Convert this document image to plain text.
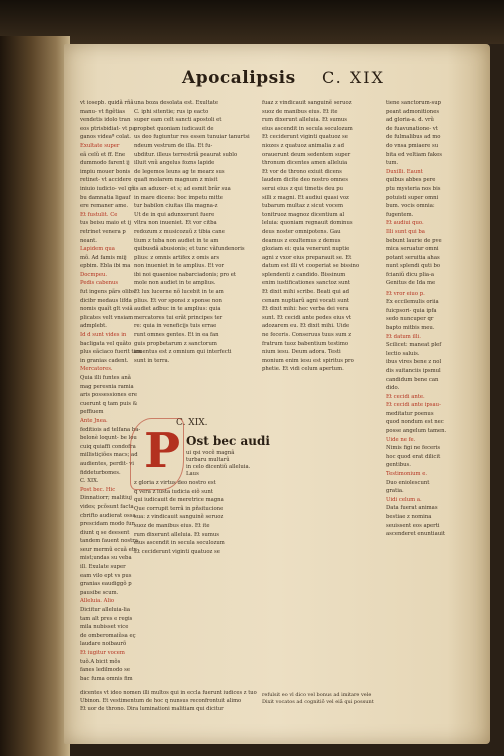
Apocalipsis C. XIX

vt iosepb. quidã rñã

manu- vt figẽtias

vendetis idolo tran

eos ptrisbidiat- vt pa

ganos videaª colat.

Exultate super

eã celũ et ff. Ene

dummodo farent ij

impiu mouer bonis

retinet- vt accidere

iniuio iudicio- vel qñ

bu damnatia ligauf

ere remaner ame.

Et fustulit. Ce

tus beisu maio et ij

retrinet venera p

neant.

Lapidem qua

mõ. Ad famis miij

epbim. Ebla ibi ma

Docmpeu.

Pedis cabenus

fut ingens pãrs olibs

dicibr medaus lifda

nomis quaĩt glt vsiã

plicates velt vnsiam

admplebt.

Id d sunt vides in

bacligata vel quãto

plus eãciaco fuerit tam

in granias cadent.

Mercatores.

Quia illi funtes anã

mag peresnia ramia

aris possessiones ere

cuerunt q tam puis &

peffiuem

Ante Jnea.

feditiois ad telfana ba-

belonè loqunt- be lou

cuiq quiaffi condofra

millistiçiões macs; ad

audientes, perdit- vi

fiddeturbomes.

C. XIX.

Post bec. Hic

Dinnatiorr; malitiuj

vides; pcõsunt facta

cbrifto audierat ossa

prescidam modo fun

diunt q se deesent

tandem fauent nostra

seur mermũ ecuã etr

mist;undas su veba

ill. Exulate super

eam vilo ept vs pus

granias eaudiggõ p

pausibe scum.

Alleluia. Alio

Diciitur alleluia-lia

tam alt pres e regis

mila nubisset vice

de omberomaiũsa eç

laudare noibaurõ

Et iugitur vocem

tuõ.A bicit mõs

fanes ledilmodo se

bac fuma omnis fim

una boza desolata est. Exultate

C. iphi sitentie; rus ip eacto

super eam celt sancti apostoli et

propbet quoniam iudicauit de

us deo fugiuntur res essen tunuiar tanurtsi

ndeum vestrum de illa. Et fu-

ubditur. illeus terrestriã peaurat sublo

illuit vnũ angelus fozns lapide

de legemos leuns ag te mearz sus

quafi molarem magnum z misit

is an aduxer- et s; ad esmit brãr sua

in mare dicens: boc impetu mitte

tur babilon ciuitas illa magna-z

Ut de in qui adunxerunt fuere

vltra non inueniet. Et vor citba

redozum z musicozuũ z tibia cane

tium z tuba non audiet in te am

quibusdã abusionis; et tunc vãfundenoris

plius: z omnis artifex z omis ars

non inueniet in te amplius. Et vor

ibi noi quaenioe nabarciadonis; pro et

mole non audiet in te amplius.

Et lux lucerne nõ lucebit in te am

plius. Et vor sponsi z sponse non

audiet adbuc in te amplius: quia

mercatores tui erãt principes ter

re: quia in veneficijs tuis errae

runt omnes gentes. Et in ea fan

guis propbetarum z sanctorum

inuentus est z omnium qui interfecti

sunt in terra.

C. XIX.
P Ost bec audi
ui qsi vocẽ magnã turbaru multarũ
in celo dicentiũ alleluia. Laus

z gloria z virtus deo nostro est

q vera z iusta iudicia eiõ sunt

qui iudicauit de meretrice magna

Que corrupit terrã in pñsitucione

sua: z vindicauit sanguinẽ seruoz

suoz de manibus eius. Et ite

rum dixerunt alleluia. Et sumus

eius ascendit in secula seculozum

Et ceciderunt viginti quatuoz se

fuaz z vindicauit sanguinẽ seruoz

suoz de manibus eius. Et ite

rum dixerunt alleluia. Et sumus

eius ascendit in secula seculozum

Et ceciderunt viginti quatuoz se

niozes z quatuoz animalia z ad

orauerunt deum sedentem super

thronum dicentes amen alleluia

Et vor de throno exiuit dicens

laudem dicite deo nostro omnes

serui eius z qui timetis deu pu

silli z magni. Et audiui quasi voz

tubarum multaz z sicut vocem

tonitruoz magnoz dicentium al

leluia: quoniam regnauit dominus

deus noster omnipotens. Gau

deamus z exultemus z demus

gloziam ei: quia venerunt nuptie

agni z vxor eius preparauit se. Et

datum est illi vt cooperiat se bissino

splendenti z candido. Bissinum

enim iustificationes sanctoz sunt

Et dixit mihi scribe. Beati qui ad

cenam nuptiarũ agni vocati sunt

Et dixit mihi: hec verba dei vera

sunt. Et cecidi ante pedes eius vt

adozarem eu. Et dixit mihi. Uide

ne feceris. Conseruus tuus sum z

fratrum tuoz babentium testimo

nium iesu. Deum adora. Testi

monium enim iesu est spiritus pro

phetie. Et vidi celum apertum.

tiene sanctorum-sup

peant admonitiones

ad gloria-a. d. vrũ

de fuavunatione- vt

de fulmalibus ad mo

do vnsa pmiaere su

bita ed veltiam fakes

tum.

Duxilli. Eaunt

quibus abbes pere

ptu mysteria nos bis

potuisti super omni

bum. vocis omnia:

fugentem.

Et audiui quo.

Illi sunt qui ba

bebunt laurie de pve

mica seruatur omni

potant seruitia ahas

nunt splendi quti bo

fcianiũ dicu plia-a

Genitus de Ida me

Et vror eiuo p.

Ex eccilemulis oriia

fuicpsori- quia ipfa

sedo nuncuper qr

bapto mitbis meu.

Et datum illi.

Scilicet: maneat plef

lectio saluis.

ibus vires bene z nol

dis suitanciis ipsmul

candidum bene can

dido.

Et cecidi ante.

Et cecidi ante ipsau-

meditatur poenus

quod nondum est nec

posse angelum tamen.

Uide ne fe.

Nimis figi ne feceris

hoc quod erat dilicit

gentibus.

Testimonium e.

Duo eniolescunt

gratia.

Uidi celum a.

Data fuerat animas

bestiae z nomina

seuissent eos aperti

ascenderet enuntiauit

dicentes vt ideo nomen illi multos qui in eccla fuerunt iudices z tuo

Ubinon. Et vestimentum de hoc q nunsus reconfrontuit alimo

Et uor de throno. Dira luminationi malitiam qui dicitur

refulsit eo vl dico vel bonus ad imitare vele

Dixit vocatos ad cognitiõ vel eiã qui possunt
